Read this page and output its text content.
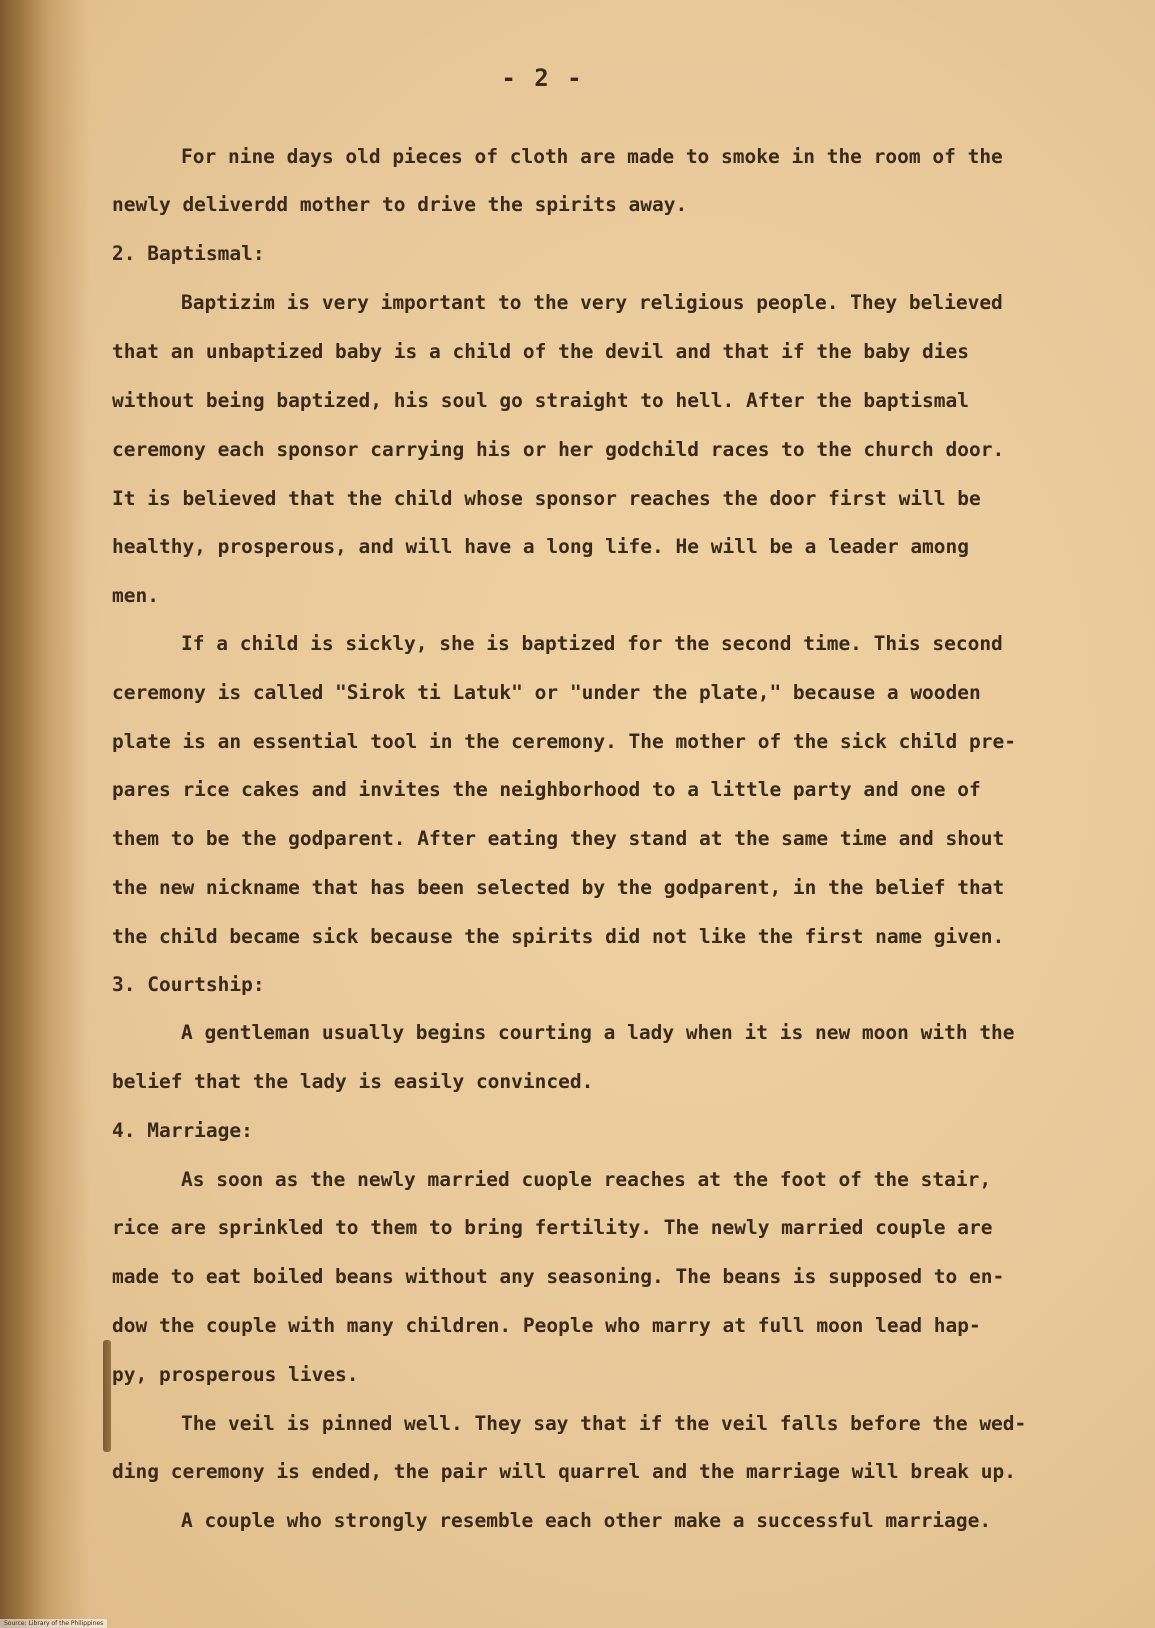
- 2 -
For nine days old pieces of cloth are made to smoke in the room of the
newly deliverdd mother to drive the spirits away.
2. Baptismal:
Baptizim is very important to the very religious people. They believed
that an unbaptized baby is a child of the devil and that if the baby dies
without being baptized, his soul go straight to hell. After the baptismal
ceremony each sponsor carrying his or her godchild races to the church door.
It is believed that the child whose sponsor reaches the door first will be
healthy, prosperous, and will have a long life. He will be a leader among
men.
If a child is sickly, she is baptized for the second time. This second
ceremony is called "Sirok ti Latuk" or "under the plate," because a wooden
plate is an essential tool in the ceremony. The mother of the sick child pre-
pares rice cakes and invites the neighborhood to a little party and one of
them to be the godparent. After eating they stand at the same time and shout
the new nickname that has been selected by the godparent, in the belief that
the child became sick because the spirits did not like the first name given.
3. Courtship:
A gentleman usually begins courting a lady when it is new moon with the
belief that the lady is easily convinced.
4. Marriage:
As soon as the newly married cuople reaches at the foot of the stair,
rice are sprinkled to them to bring fertility. The newly married couple are
made to eat boiled beans without any seasoning. The beans is supposed to en-
dow the couple with many children. People who marry at full moon lead hap-
py, prosperous lives.
The veil is pinned well. They say that if the veil falls before the wed-
ding ceremony is ended, the pair will quarrel and the marriage will break up.
A couple who strongly resemble each other make a successful marriage.
Source: Library of the Philippines
